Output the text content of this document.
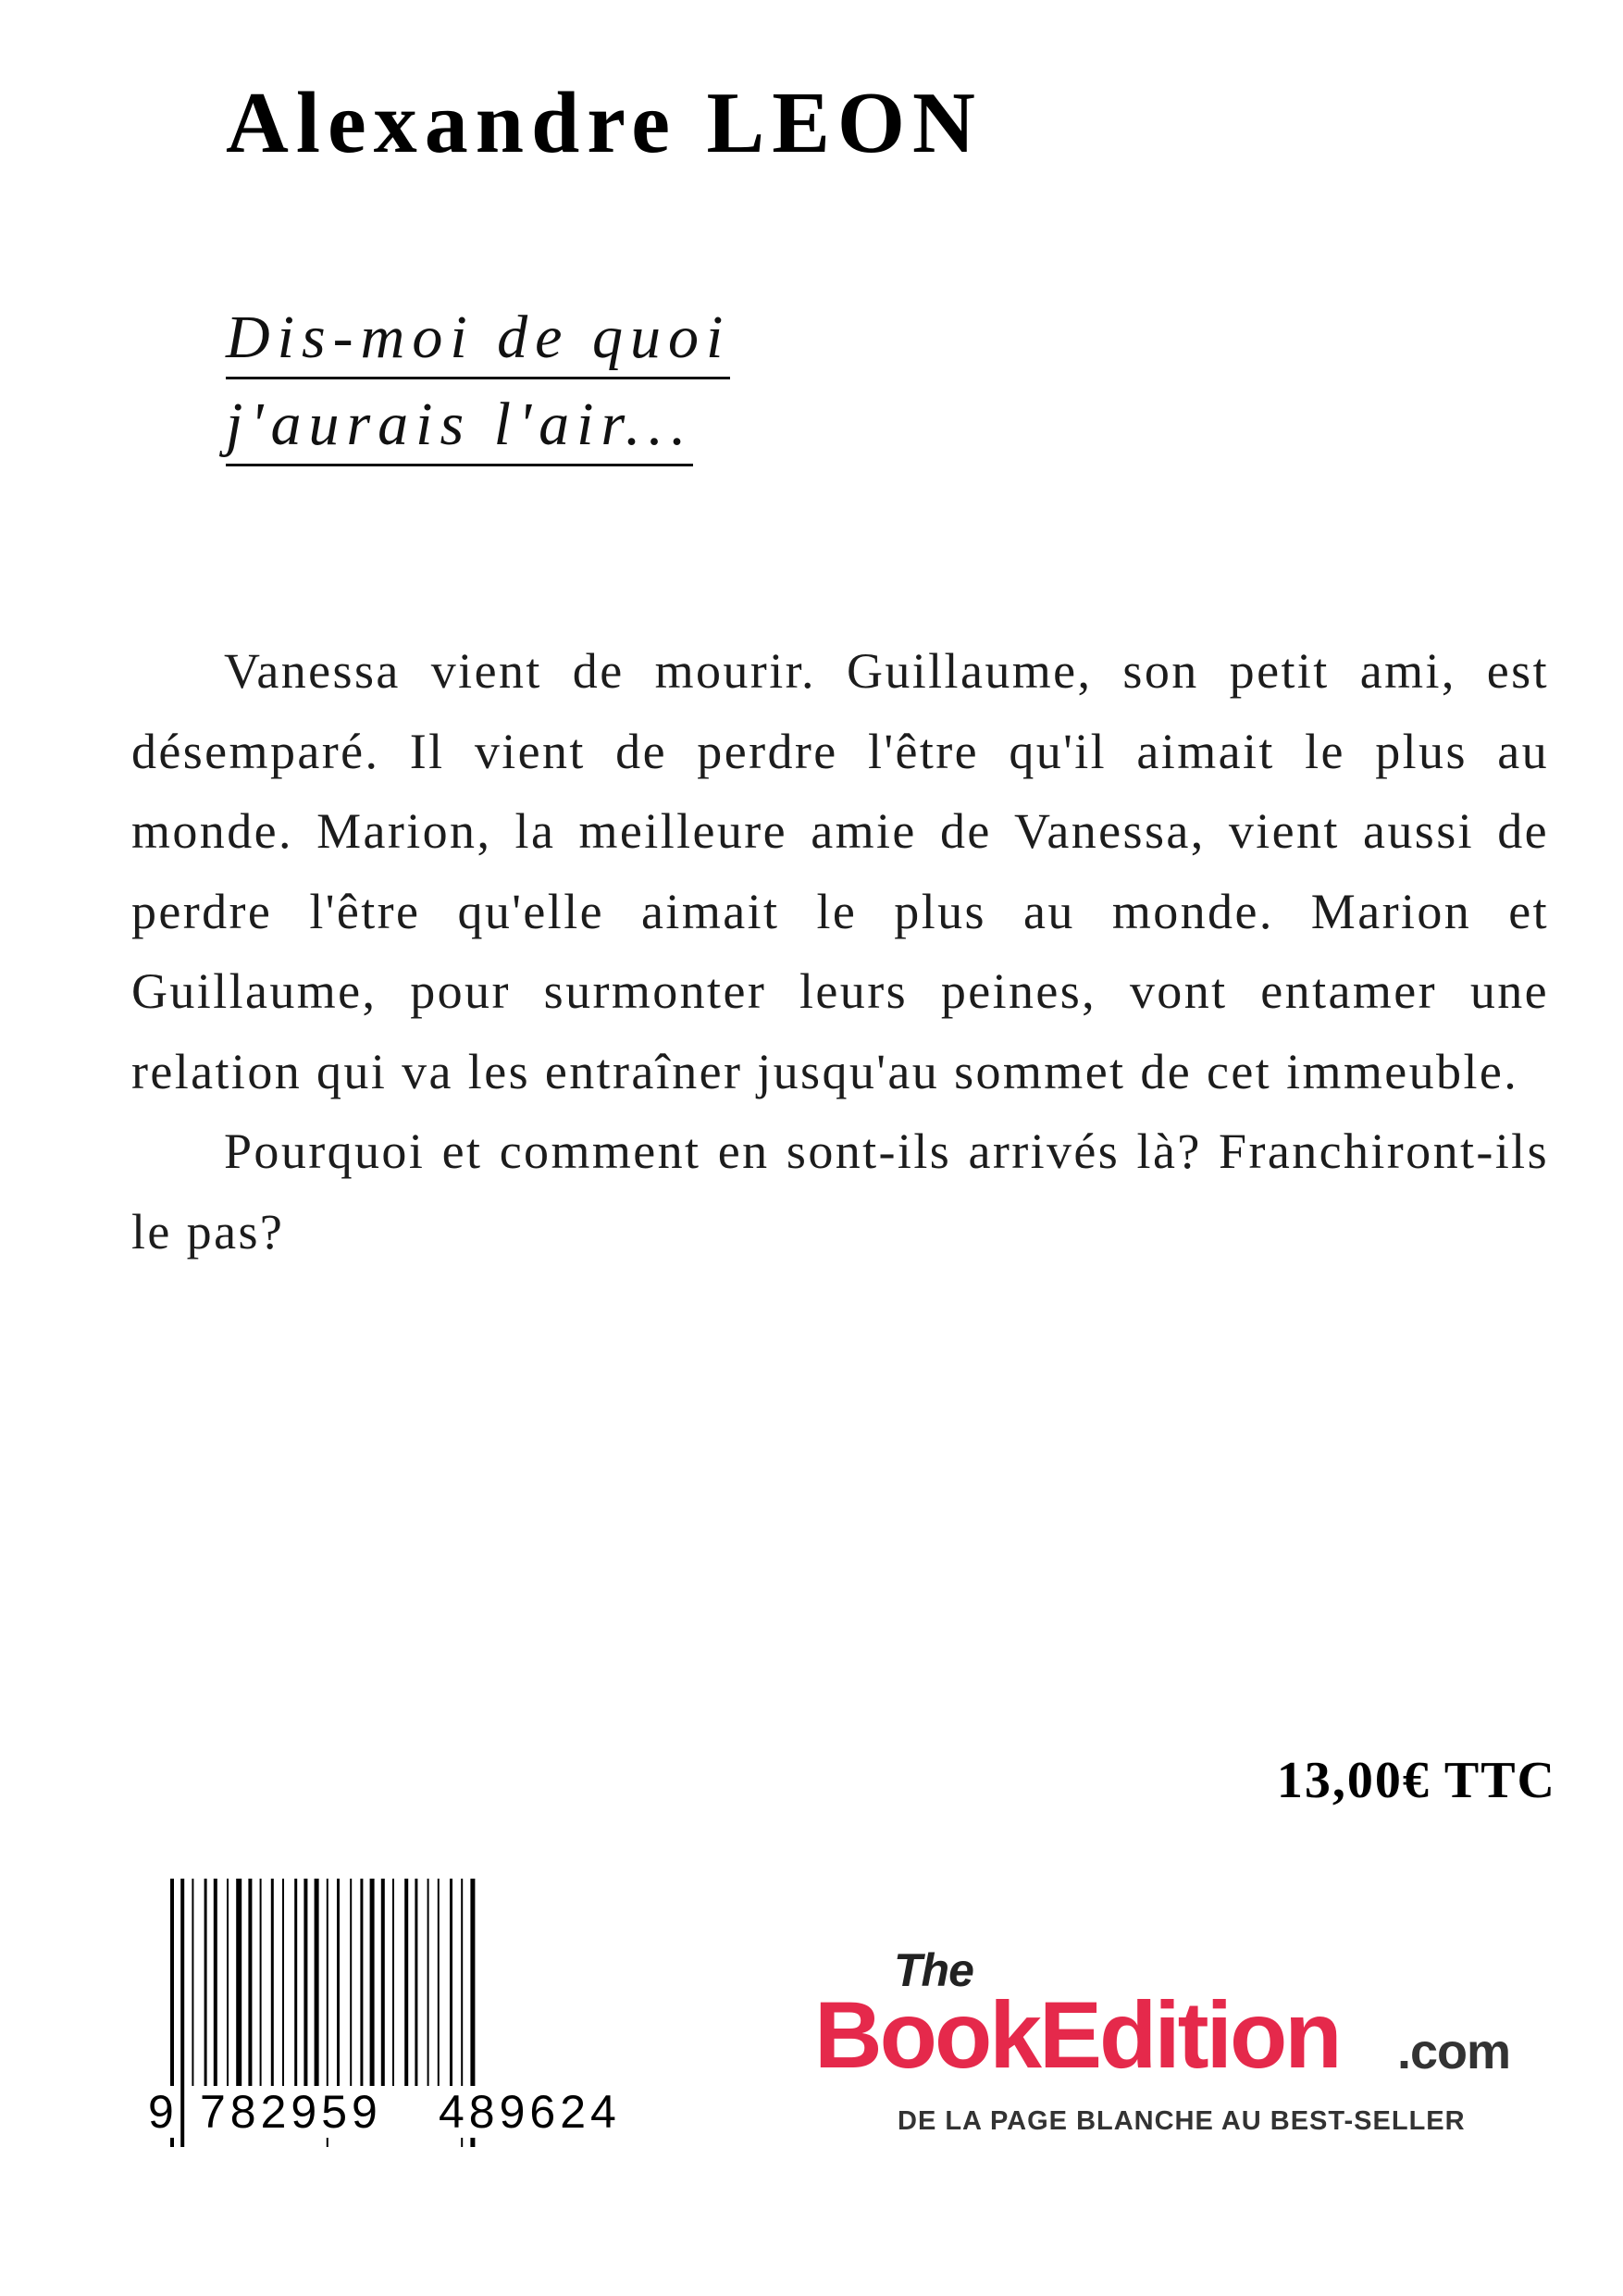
Alexandre LEON
Dis-moi de quoi
j'aurais l'air...

Vanessa vient de mourir. Guillaume, son petit ami, est désemparé. Il vient de perdre l'être qu'il aimait le plus au monde. Marion, la meilleure amie de Vanessa, vient aussi de perdre l'être qu'elle aimait le plus au monde. Marion et Guillaume, pour surmonter leurs peines, vont entamer une relation qui va les entraîner jusqu'au sommet de cet immeuble.

Pourquoi et comment en sont-ils arrivés là? Franchiront-ils le pas?

13,00€ TTC
9 782959 489624
The
BookEdition .com
DE LA PAGE BLANCHE AU BEST-SELLER
